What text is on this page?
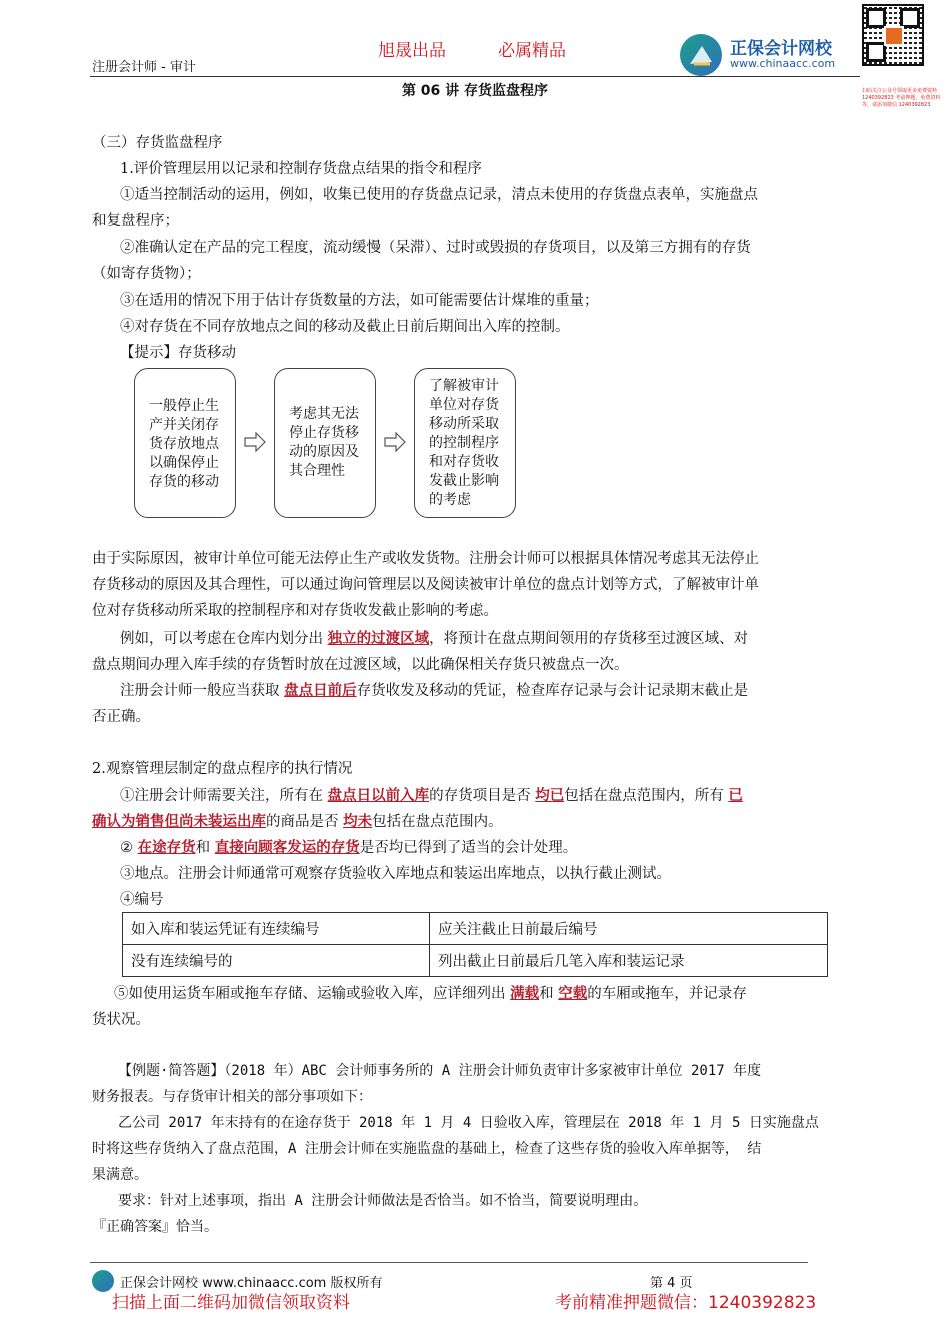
注册会计师 - 审计
旭晟出品	必属精品	正保会计网校
www.chinaacc.com
扫码关注公众号领取更多免费资料 1240392823 考前押题、免费资料等，请添加微信 1240392823
第 06 讲 存货监盘程序
（三）存货监盘程序
1.评价管理层用以记录和控制存货盘点结果的指令和程序
①适当控制活动的运用，例如，收集已使用的存货盘点记录，清点未使用的存货盘点表单，实施盘点
和复盘程序；
②准确认定在产品的完工程度，流动缓慢（呆滞）、过时或毁损的存货项目，以及第三方拥有的存货
（如寄存货物）；
③在适用的情况下用于估计存货数量的方法，如可能需要估计煤堆的重量；
④对存货在不同存放地点之间的移动及截止日前后期间出入库的控制。
【提示】存货移动
一般停止生
产并关闭存
货存放地点
以确保停止
存货的移动
考虑其无法
停止存货移
动的原因及
其合理性
了解被审计
单位对存货
移动所采取
的控制程序
和对存货收
发截止影响
的考虑
由于实际原因，被审计单位可能无法停止生产或收发货物。注册会计师可以根据具体情况考虑其无法停止
存货移动的原因及其合理性，可以通过询问管理层以及阅读被审计单位的盘点计划等方式，了解被审计单
位对存货移动所采取的控制程序和对存货收发截止影响的考虑。
例如，可以考虑在仓库内划分出 独立的过渡区域，将预计在盘点期间领用的存货移至过渡区域、对
盘点期间办理入库手续的存货暂时放在过渡区域，以此确保相关存货只被盘点一次。
注册会计师一般应当获取 盘点日前后存货收发及移动的凭证，检查库存记录与会计记录期末截止是
否正确。
2.观察管理层制定的盘点程序的执行情况
①注册会计师需要关注，所有在 盘点日以前入库的存货项目是否 均已包括在盘点范围内，所有 已
确认为销售但尚未装运出库的商品是否 均未包括在盘点范围内。
② 在途存货和 直接向顾客发运的存货是否均已得到了适当的会计处理。
③地点。注册会计师通常可观察存货验收入库地点和装运出库地点，以执行截止测试。
④编号
如入库和装运凭证有连续编号	应关注截止日前最后编号
没有连续编号的	列出截止日前最后几笔入库和装运记录
⑤如使用运货车厢或拖车存储、运输或验收入库，应详细列出 满载和 空载的车厢或拖车，并记录存
货状况。
【例题·简答题】（2018 年）ABC 会计师事务所的 A 注册会计师负责审计多家被审计单位 2017 年度
财务报表。与存货审计相关的部分事项如下：
乙公司 2017 年末持有的在途存货于 2018 年 1 月 4 日验收入库，管理层在 2018 年 1 月 5 日实施盘点
时将这些存货纳入了盘点范围，A 注册会计师在实施监盘的基础上，检查了这些存货的验收入库单据等， 结
果满意。
要求：针对上述事项，指出 A 注册会计师做法是否恰当。如不恰当，简要说明理由。
『正确答案』恰当。
正保会计网校 www.chinaacc.com 版权所有	第 4 页
扫描上面二维码加微信领取资料	考前精准押题微信：1240392823
